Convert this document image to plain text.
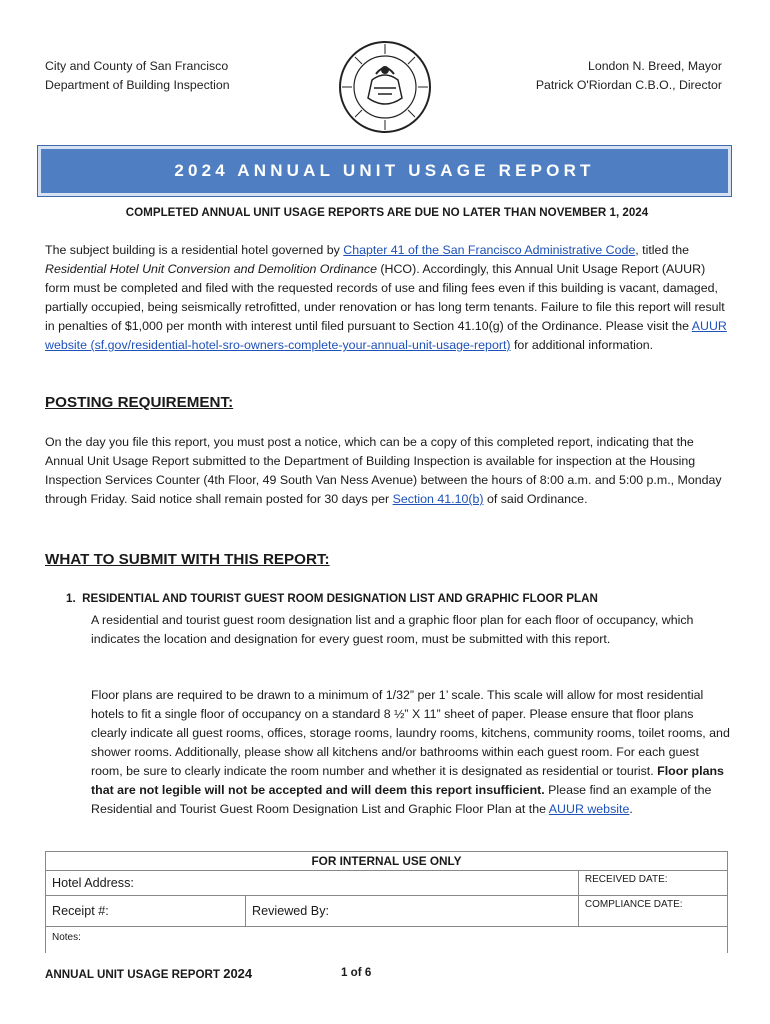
City and County of San Francisco
Department of Building Inspection
London N. Breed, Mayor
Patrick O'Riordan C.B.O., Director
2024 ANNUAL UNIT USAGE REPORT
COMPLETED ANNUAL UNIT USAGE REPORTS ARE DUE NO LATER THAN NOVEMBER 1, 2024
The subject building is a residential hotel governed by Chapter 41 of the San Francisco Administrative Code, titled the Residential Hotel Unit Conversion and Demolition Ordinance (HCO). Accordingly, this Annual Unit Usage Report (AUUR) form must be completed and filed with the requested records of use and filing fees even if this building is vacant, damaged, partially occupied, being seismically retrofitted, under renovation or has long term tenants. Failure to file this report will result in penalties of $1,000 per month with interest until filed pursuant to Section 41.10(g) of the Ordinance. Please visit the AUUR website (sf.gov/residential-hotel-sro-owners-complete-your-annual-unit-usage-report) for additional information.
POSTING REQUIREMENT:
On the day you file this report, you must post a notice, which can be a copy of this completed report, indicating that the Annual Unit Usage Report submitted to the Department of Building Inspection is available for inspection at the Housing Inspection Services Counter (4th Floor, 49 South Van Ness Avenue) between the hours of 8:00 a.m. and 5:00 p.m., Monday through Friday. Said notice shall remain posted for 30 days per Section 41.10(b) of said Ordinance.
WHAT TO SUBMIT WITH THIS REPORT:
1. RESIDENTIAL AND TOURIST GUEST ROOM DESIGNATION LIST AND GRAPHIC FLOOR PLAN
A residential and tourist guest room designation list and a graphic floor plan for each floor of occupancy, which indicates the location and designation for every guest room, must be submitted with this report.
Floor plans are required to be drawn to a minimum of 1/32” per 1’ scale. This scale will allow for most residential hotels to fit a single floor of occupancy on a standard 8 ½” X 11” sheet of paper. Please ensure that floor plans clearly indicate all guest rooms, offices, storage rooms, laundry rooms, kitchens, community rooms, toilet rooms, and shower rooms. Additionally, please show all kitchens and/or bathrooms within each guest room. For each guest room, be sure to clearly indicate the room number and whether it is designated as residential or tourist. Floor plans that are not legible will not be accepted and will deem this report insufficient. Please find an example of the Residential and Tourist Guest Room Designation List and Graphic Floor Plan at the AUUR website.
FOR INTERNAL USE ONLY		
Hotel Address:		RECEIVED DATE:
Receipt #:	Reviewed By:	COMPLIANCE DATE:
Notes:		
ANNUAL UNIT USAGE REPORT 2024	1 of 6
